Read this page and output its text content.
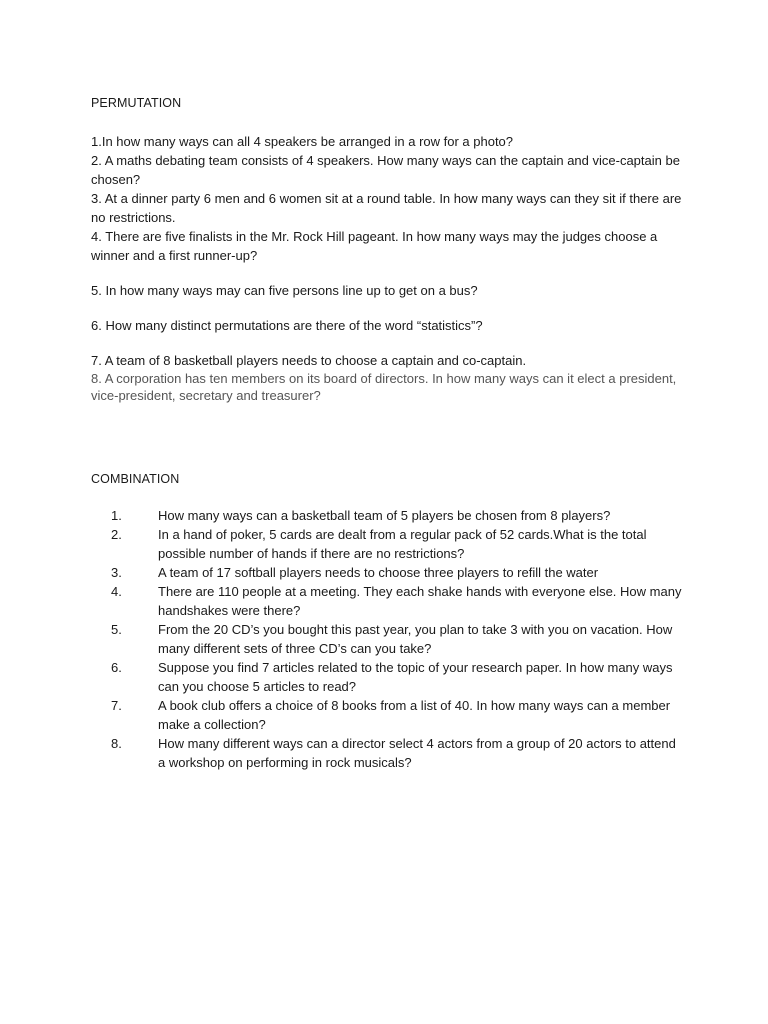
PERMUTATION

1.In how many ways can all 4 speakers be arranged in a row for a photo?

2. A maths debating team consists of 4 speakers. How many ways can the captain and vice-captain be chosen?

3. At a dinner party 6 men and 6 women sit at a round table. In how many ways can they sit if there are no restrictions.

4. There are five finalists in the Mr. Rock Hill pageant. In how many ways may the judges choose a winner and a first runner-up?

5. In how many ways may can five persons line up to get on a bus?

6. How many distinct permutations are there of the word “statistics”?

7. A team of 8 basketball players needs to choose a captain and co-captain.

8. A corporation has ten members on its board of directors. In how many ways can it elect a president, vice-president, secretary and treasurer?

COMBINATION
1.	How many ways can a basketball team of 5 players be chosen from 8 players?
2.	In a hand of poker, 5 cards are dealt from a regular pack of 52 cards.What is the total possible number of hands if there are no restrictions?
3.	A team of 17 softball players needs to choose three players to refill the water
4.	There are 110 people at a meeting. They each shake hands with everyone else. How many handshakes were there?
5.	From the 20 CD’s you bought this past year, you plan to take 3 with you on vacation. How many different sets of three CD’s can you take?
6.	Suppose you find 7 articles related to the topic of your research paper. In how many ways can you choose 5 articles to read?
7.	A book club offers a choice of 8 books from a list of 40. In how many ways can a member make a collection?
8.	How many different ways can a director select 4 actors from a group of 20 actors to attend a workshop on performing in rock musicals?
